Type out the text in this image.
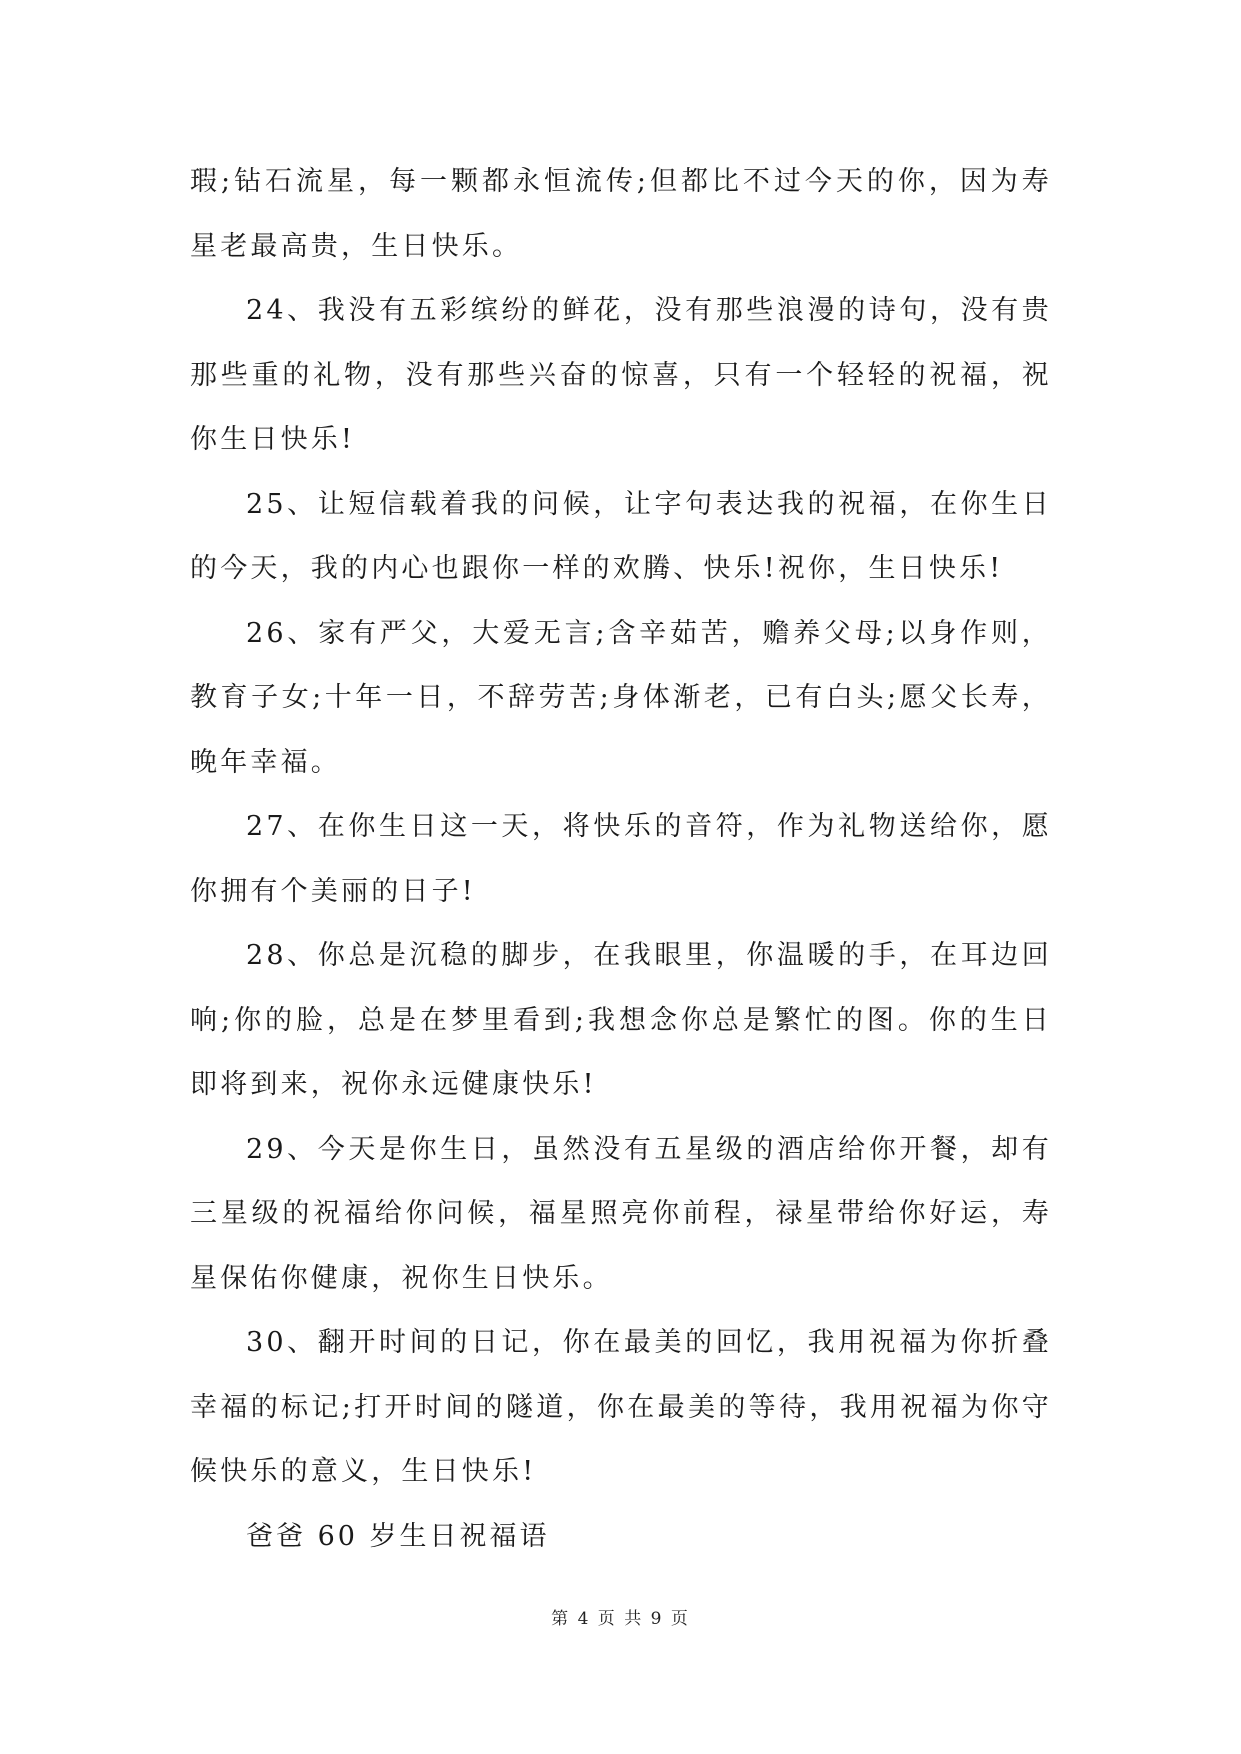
瑕;钻石流星，每一颗都永恒流传;但都比不过今天的你，因为寿星老最高贵，生日快乐。

24、我没有五彩缤纷的鲜花，没有那些浪漫的诗句，没有贵那些重的礼物，没有那些兴奋的惊喜，只有一个轻轻的祝福，祝你生日快乐!

25、让短信载着我的问候，让字句表达我的祝福，在你生日的今天，我的内心也跟你一样的欢腾、快乐!祝你，生日快乐!

26、家有严父，大爱无言;含辛茹苦，赡养父母;以身作则，教育子女;十年一日，不辞劳苦;身体渐老，已有白头;愿父长寿，晚年幸福。

27、在你生日这一天，将快乐的音符，作为礼物送给你，愿你拥有个美丽的日子!

28、你总是沉稳的脚步，在我眼里，你温暖的手，在耳边回响;你的脸，总是在梦里看到;我想念你总是繁忙的图。你的生日即将到来，祝你永远健康快乐!

29、今天是你生日，虽然没有五星级的酒店给你开餐，却有三星级的祝福给你问候，福星照亮你前程，禄星带给你好运，寿星保佑你健康，祝你生日快乐。

30、翻开时间的日记，你在最美的回忆，我用祝福为你折叠幸福的标记;打开时间的隧道，你在最美的等待，我用祝福为你守候快乐的意义，生日快乐!

爸爸 60 岁生日祝福语

第 4 页 共 9 页
